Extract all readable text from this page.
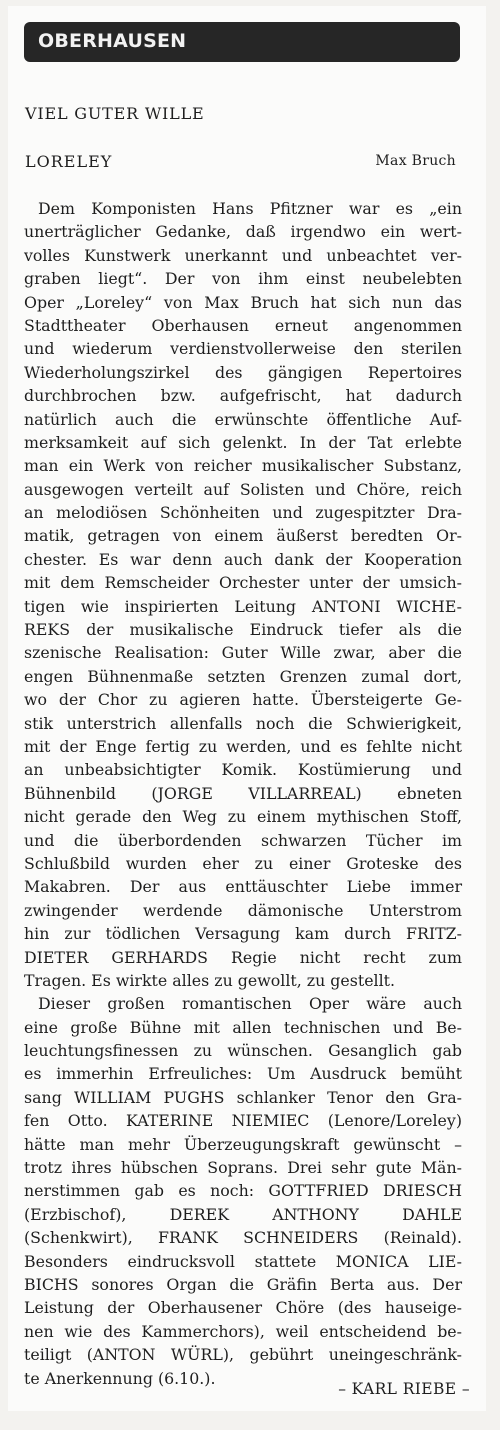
OBERHAUSEN
VIEL GUTER WILLE
LORELEY	Max Bruch
Dem Komponisten Hans Pfitzner war es „ein
unerträglicher Gedanke, daß irgendwo ein wert-
volles Kunstwerk unerkannt und unbeachtet ver-
graben liegt“. Der von ihm einst neubelebten
Oper „Loreley“ von Max Bruch hat sich nun das
Stadttheater Oberhausen erneut angenommen
und wiederum verdienstvollerweise den sterilen
Wiederholungszirkel des gängigen Repertoires
durchbrochen bzw. aufgefrischt, hat dadurch
natürlich auch die erwünschte öffentliche Auf-
merksamkeit auf sich gelenkt. In der Tat erlebte
man ein Werk von reicher musikalischer Substanz,
ausgewogen verteilt auf Solisten und Chöre, reich
an melodiösen Schönheiten und zugespitzter Dra-
matik, getragen von einem äußerst beredten Or-
chester. Es war denn auch dank der Kooperation
mit dem Remscheider Orchester unter der umsich-
tigen wie inspirierten Leitung ANTONI WICHE-
REKS der musikalische Eindruck tiefer als die
szenische Realisation: Guter Wille zwar, aber die
engen Bühnenmaße setzten Grenzen zumal dort,
wo der Chor zu agieren hatte. Übersteigerte Ge-
stik unterstrich allenfalls noch die Schwierigkeit,
mit der Enge fertig zu werden, und es fehlte nicht
an unbeabsichtigter Komik. Kostümierung und
Bühnenbild (JORGE VILLARREAL) ebneten
nicht gerade den Weg zu einem mythischen Stoff,
und die überbordenden schwarzen Tücher im
Schlußbild wurden eher zu einer Groteske des
Makabren. Der aus enttäuschter Liebe immer
zwingender werdende dämonische Unterstrom
hin zur tödlichen Versagung kam durch FRITZ-
DIETER GERHARDS Regie nicht recht zum
Tragen. Es wirkte alles zu gewollt, zu gestellt.
Dieser großen romantischen Oper wäre auch
eine große Bühne mit allen technischen und Be-
leuchtungsfinessen zu wünschen. Gesanglich gab
es immerhin Erfreuliches: Um Ausdruck bemüht
sang WILLIAM PUGHS schlanker Tenor den Gra-
fen Otto. KATERINE NIEMIEC (Lenore/Loreley)
hätte man mehr Überzeugungskraft gewünscht –
trotz ihres hübschen Soprans. Drei sehr gute Män-
nerstimmen gab es noch: GOTTFRIED DRIESCH
(Erzbischof), DEREK ANTHONY DAHLE
(Schenkwirt), FRANK SCHNEIDERS (Reinald).
Besonders eindrucksvoll stattete MONICA LIE-
BICHS sonores Organ die Gräfin Berta aus. Der
Leistung der Oberhausener Chöre (des hauseige-
nen wie des Kammerchors), weil entscheidend be-
teiligt (ANTON WÜRL), gebührt uneingeschränk-
te Anerkennung (6.10.).
– KARL RIEBE –
